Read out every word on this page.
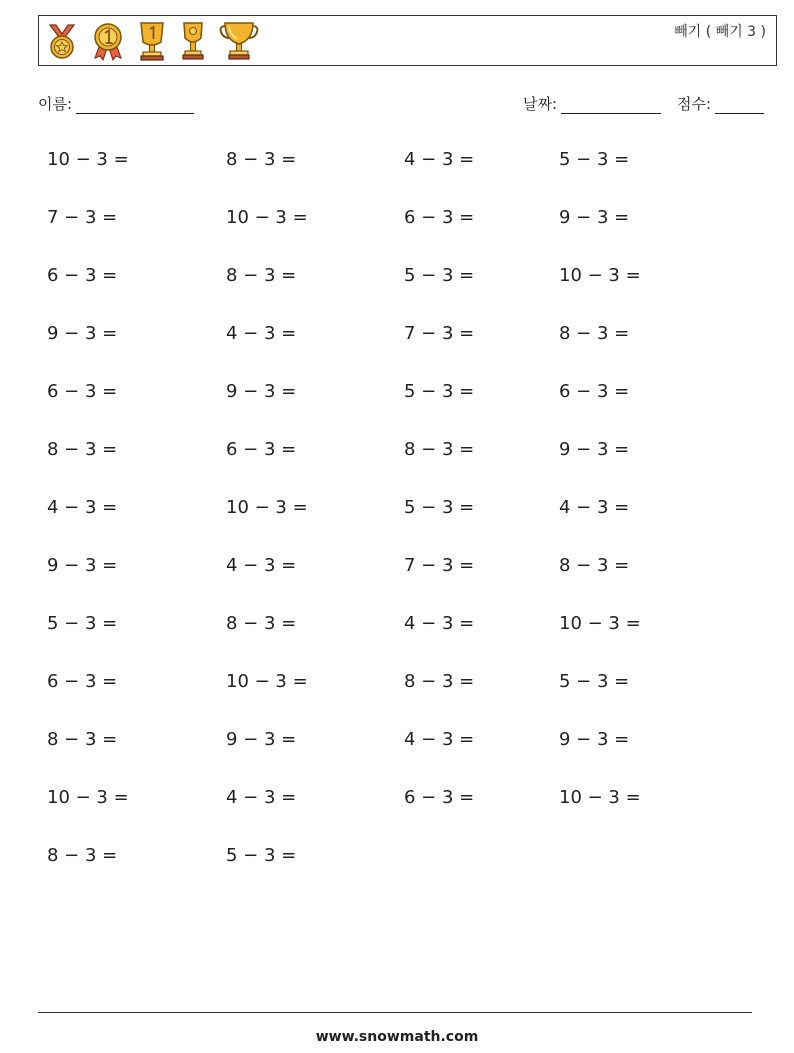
빼기 ( 빼기 3 )
이름:	날짜:	점수:
10 − 3 =	8 − 3 =	4 − 3 =	5 − 3 =
7 − 3 =	10 − 3 =	6 − 3 =	9 − 3 =
6 − 3 =	8 − 3 =	5 − 3 =	10 − 3 =
9 − 3 =	4 − 3 =	7 − 3 =	8 − 3 =
6 − 3 =	9 − 3 =	5 − 3 =	6 − 3 =
8 − 3 =	6 − 3 =	8 − 3 =	9 − 3 =
4 − 3 =	10 − 3 =	5 − 3 =	4 − 3 =
9 − 3 =	4 − 3 =	7 − 3 =	8 − 3 =
5 − 3 =	8 − 3 =	4 − 3 =	10 − 3 =
6 − 3 =	10 − 3 =	8 − 3 =	5 − 3 =
8 − 3 =	9 − 3 =	4 − 3 =	9 − 3 =
10 − 3 =	4 − 3 =	6 − 3 =	10 − 3 =
8 − 3 =	5 − 3 =
www.snowmath.com
